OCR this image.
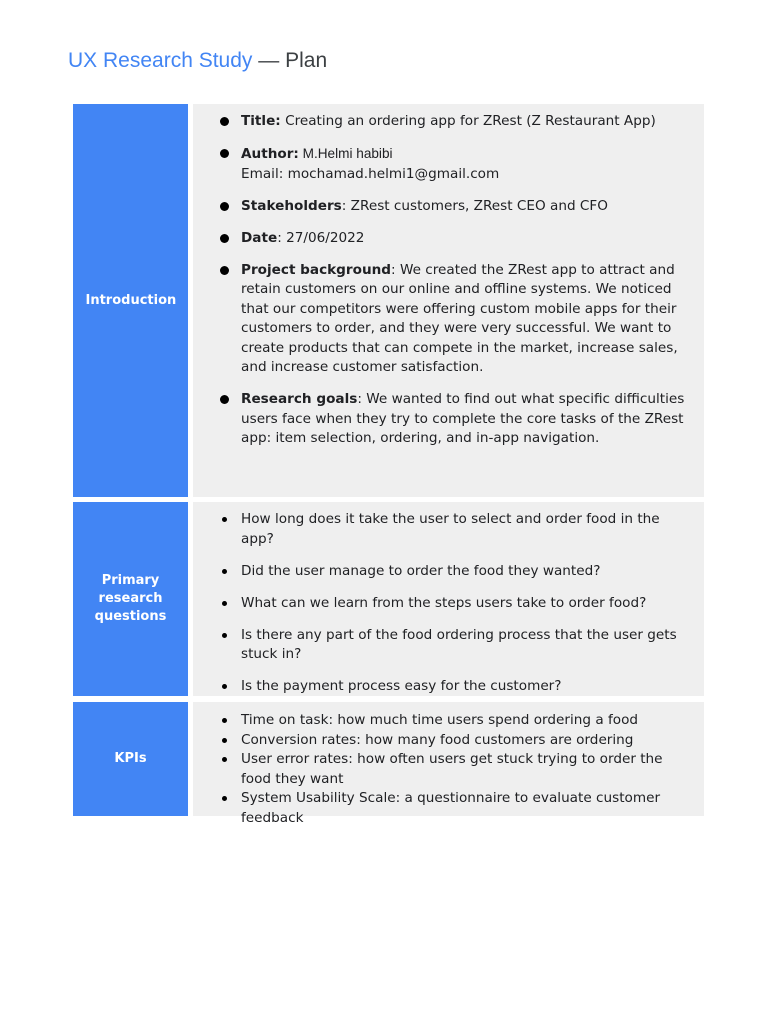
UX Research Study — Plan
Introduction
Title: Creating an ordering app for ZRest (Z Restaurant App)
Author: M.Helmi habibi
Email: mochamad.helmi1@gmail.com
Stakeholders: ZRest customers, ZRest CEO and CFO
Date: 27/06/2022
Project background: We created the ZRest app to attract and retain customers on our online and offline systems. We noticed that our competitors were offering custom mobile apps for their customers to order, and they were very successful. We want to create products that can compete in the market, increase sales, and increase customer satisfaction.
Research goals: We wanted to find out what specific difficulties users face when they try to complete the core tasks of the ZRest app: item selection, ordering, and in-app navigation.
Primary research questions
How long does it take the user to select and order food in the app?
Did the user manage to order the food they wanted?
What can we learn from the steps users take to order food?
Is there any part of the food ordering process that the user gets stuck in?
Is the payment process easy for the customer?
KPIs
Time on task: how much time users spend ordering a food
Conversion rates: how many food customers are ordering
User error rates: how often users get stuck trying to order the food they want
System Usability Scale: a questionnaire to evaluate customer feedback
